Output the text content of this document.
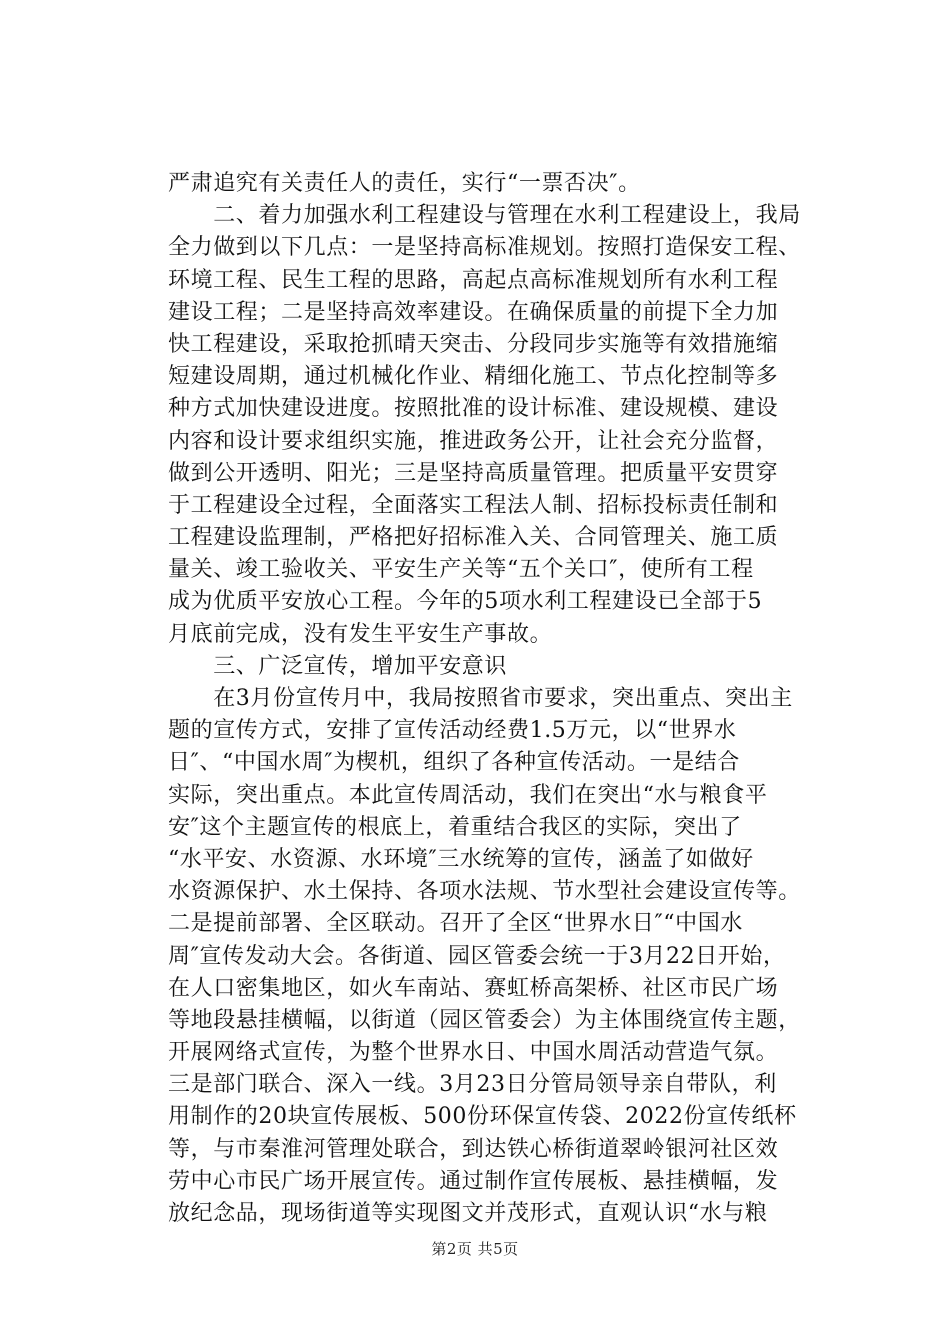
严肃追究有关责任人的责任，实行“一票否决″。
　　二、着力加强水利工程建设与管理在水利工程建设上，我局
全力做到以下几点：一是坚持高标准规划。按照打造保安工程、
环境工程、民生工程的思路，高起点高标准规划所有水利工程
建设工程；二是坚持高效率建设。在确保质量的前提下全力加
快工程建设，采取抢抓晴天突击、分段同步实施等有效措施缩
短建设周期，通过机械化作业、精细化施工、节点化控制等多
种方式加快建设进度。按照批准的设计标准、建设规模、建设
内容和设计要求组织实施，推进政务公开，让社会充分监督，
做到公开透明、阳光；三是坚持高质量管理。把质量平安贯穿
于工程建设全过程，全面落实工程法人制、招标投标责任制和
工程建设监理制，严格把好招标准入关、合同管理关、施工质
量关、竣工验收关、平安生产关等“五个关口″，使所有工程
成为优质平安放心工程。今年的5项水利工程建设已全部于5
月底前完成，没有发生平安生产事故。
　　三、广泛宣传，增加平安意识
　　在3月份宣传月中，我局按照省市要求，突出重点、突出主
题的宣传方式，安排了宣传活动经费1.5万元，以“世界水
日″、“中国水周″为楔机，组织了各种宣传活动。一是结合
实际，突出重点。本此宣传周活动，我们在突出“水与粮食平
安″这个主题宣传的根底上，着重结合我区的实际，突出了
“水平安、水资源、水环境″三水统筹的宣传，涵盖了如做好
水资源保护、水土保持、各项水法规、节水型社会建设宣传等。
二是提前部署、全区联动。召开了全区“世界水日″“中国水
周″宣传发动大会。各街道、园区管委会统一于3月22日开始，
在人口密集地区，如火车南站、赛虹桥高架桥、社区市民广场
等地段悬挂横幅，以街道（园区管委会）为主体围绕宣传主题，
开展网络式宣传，为整个世界水日、中国水周活动营造气氛。
三是部门联合、深入一线。3月23日分管局领导亲自带队，利
用制作的20块宣传展板、500份环保宣传袋、2022份宣传纸杯
等，与市秦淮河管理处联合，到达铁心桥街道翠岭银河社区效
劳中心市民广场开展宣传。通过制作宣传展板、悬挂横幅，发
放纪念品，现场街道等实现图文并茂形式，直观认识“水与粮
第2页 共5页
